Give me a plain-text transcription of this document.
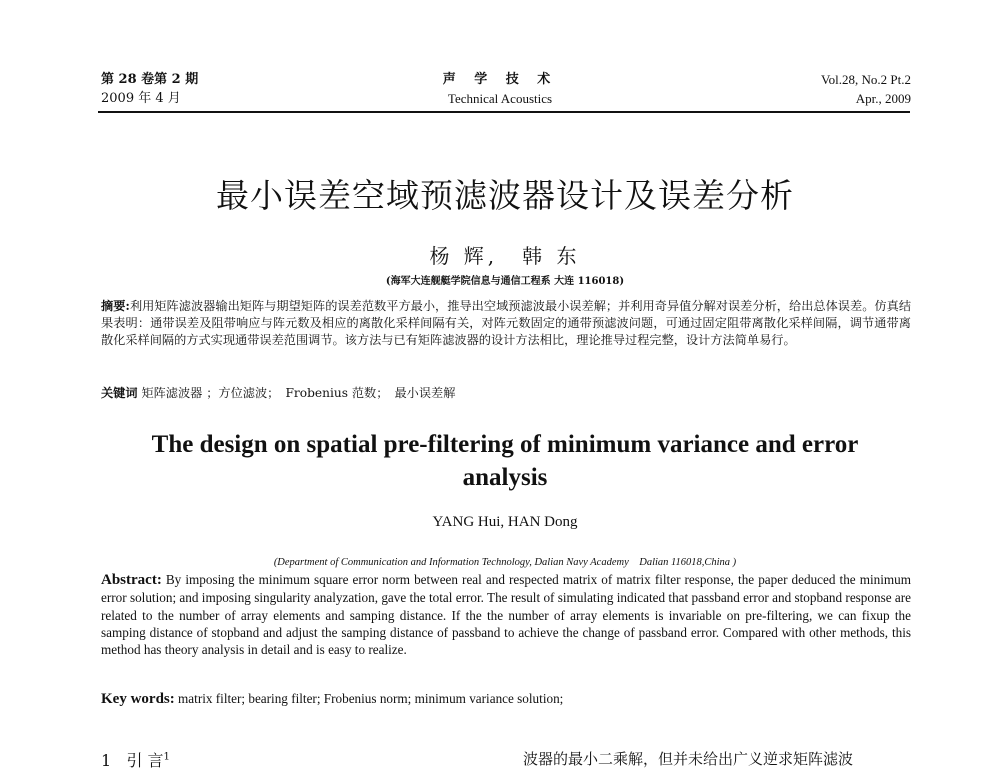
第 28 卷第 2 期
2009 年 4 月
声 学 技 术
Technical Acoustics
Vol.28, No.2 Pt.2
Apr., 2009
最小误差空域预滤波器设计及误差分析
杨 辉,　韩 东
(海军大连舰艇学院信息与通信工程系 大连 116018)
摘要:利用矩阵滤波器输出矩阵与期望矩阵的误差范数平方最小，推导出空域预滤波最小误差解；并利用奇异值分解对误差分析，给出总体误差。仿真结果表明：通带误差及阻带响应与阵元数及相应的离散化采样间隔有关，对阵元数固定的通带预滤波问题，可通过固定阻带离散化采样间隔，调节通带离散化采样间隔的方式实现通带误差范围调节。该方法与已有矩阵滤波器的设计方法相比，理论推导过程完整，设计方法简单易行。
关键词 矩阵滤波器 ；方位滤波；　Frobenius 范数；　最小误差解
The design on spatial pre-filtering of minimum variance and error analysis
YANG Hui, HAN Dong
(Department of Communication and Information Technology, Dalian Navy Academy　Dalian 116018,China )
Abstract: By imposing the minimum square error norm between real and respected matrix of matrix filter response, the paper deduced the minimum error solution; and imposing singularity analyzation, gave the total error. The result of simulating indicated that passband error and stopband response are related to the number of array elements and samping distance. If the the number of array elements is invariable on pre-filtering, we can fixup the samping distance of stopband and adjust the samping distance of passband to achieve the change of passband error. Compared with other methods, this method has theory analysis in detail and is easy to realize.
Key words: matrix filter; bearing filter; Frobenius norm; minimum variance solution;
1 引 言$^1$	波器的最小二乘解，但并未给出广义逆求矩阵滤波
